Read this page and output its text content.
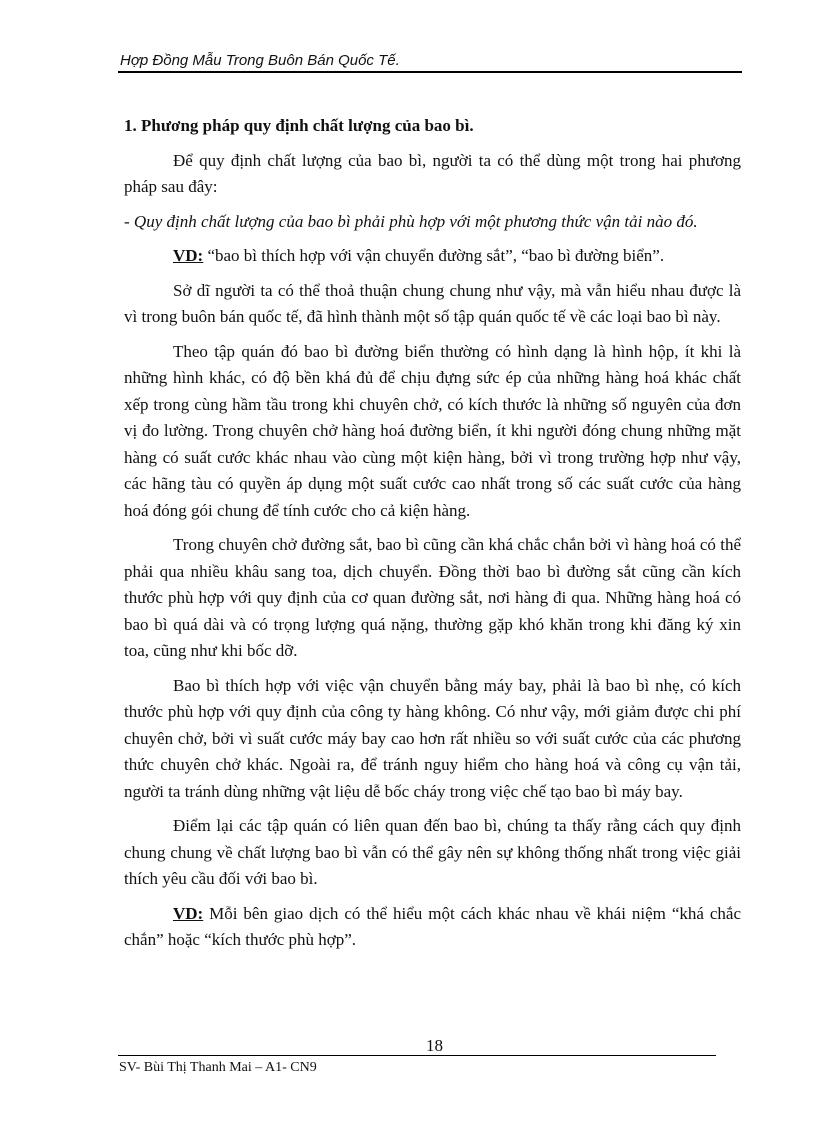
Hợp Đồng Mẫu Trong Buôn Bán Quốc Tế.
1. Phương pháp quy định chất lượng của bao bì.

Để quy định chất lượng của bao bì, người ta có thể dùng một trong hai phương pháp sau đây:

- Quy định chất lượng của bao bì phải phù hợp với một phương thức vận tải nào đó.

VD: “bao bì thích hợp với vận chuyển đường sắt”, “bao bì đường biển”.

Sở dĩ người ta có thể thoả thuận chung chung như vậy, mà vẫn hiểu nhau được là vì trong buôn bán quốc tế, đã hình thành một số tập quán quốc tế về các loại bao bì này.

Theo tập quán đó bao bì đường biển thường có hình dạng là hình hộp, ít khi là những hình khác, có độ bền khá đủ để chịu đựng sức ép của những hàng hoá khác chất xếp trong cùng hầm tầu trong khi chuyên chở, có kích thước là những số nguyên của đơn vị đo lường. Trong chuyên chở hàng hoá đường biển, ít khi người đóng chung những mặt hàng có suất cước khác nhau vào cùng một kiện hàng, bởi vì trong trường hợp như vậy, các hãng tàu có quyền áp dụng một suất cước cao nhất trong số các suất cước của hàng hoá đóng gói chung để tính cước cho cả kiện hàng.

Trong chuyên chở đường sắt, bao bì cũng cần khá chắc chắn bởi vì hàng hoá có thể phải qua nhiều khâu sang toa, dịch chuyển. Đồng thời bao bì đường sắt cũng cần kích thước phù hợp với quy định của cơ quan đường sắt, nơi hàng đi qua. Những hàng hoá có bao bì quá dài và có trọng lượng quá nặng, thường gặp khó khăn trong khi đăng ký xin toa, cũng như khi bốc dỡ.

Bao bì thích hợp với việc vận chuyển bằng máy bay, phải là bao bì nhẹ, có kích thước phù hợp với quy định của công ty hàng không. Có như vậy, mới giảm được chi phí chuyên chở, bởi vì suất cước máy bay cao hơn rất nhiều so với suất cước của các phương thức chuyên chở khác. Ngoài ra, để tránh nguy hiểm cho hàng hoá và công cụ vận tải, người ta tránh dùng những vật liệu dễ bốc cháy trong việc chế tạo bao bì máy bay.

Điểm lại các tập quán có liên quan đến bao bì, chúng ta thấy rằng cách quy định chung chung về chất lượng bao bì vẫn có thể gây nên sự không thống nhất trong việc giải thích yêu cầu đối với bao bì.

VD: Mỗi bên giao dịch có thể hiểu một cách khác nhau về khái niệm “khá chắc chắn” hoặc “kích thước phù hợp”.

18
SV- Bùi Thị Thanh Mai – A1- CN9
